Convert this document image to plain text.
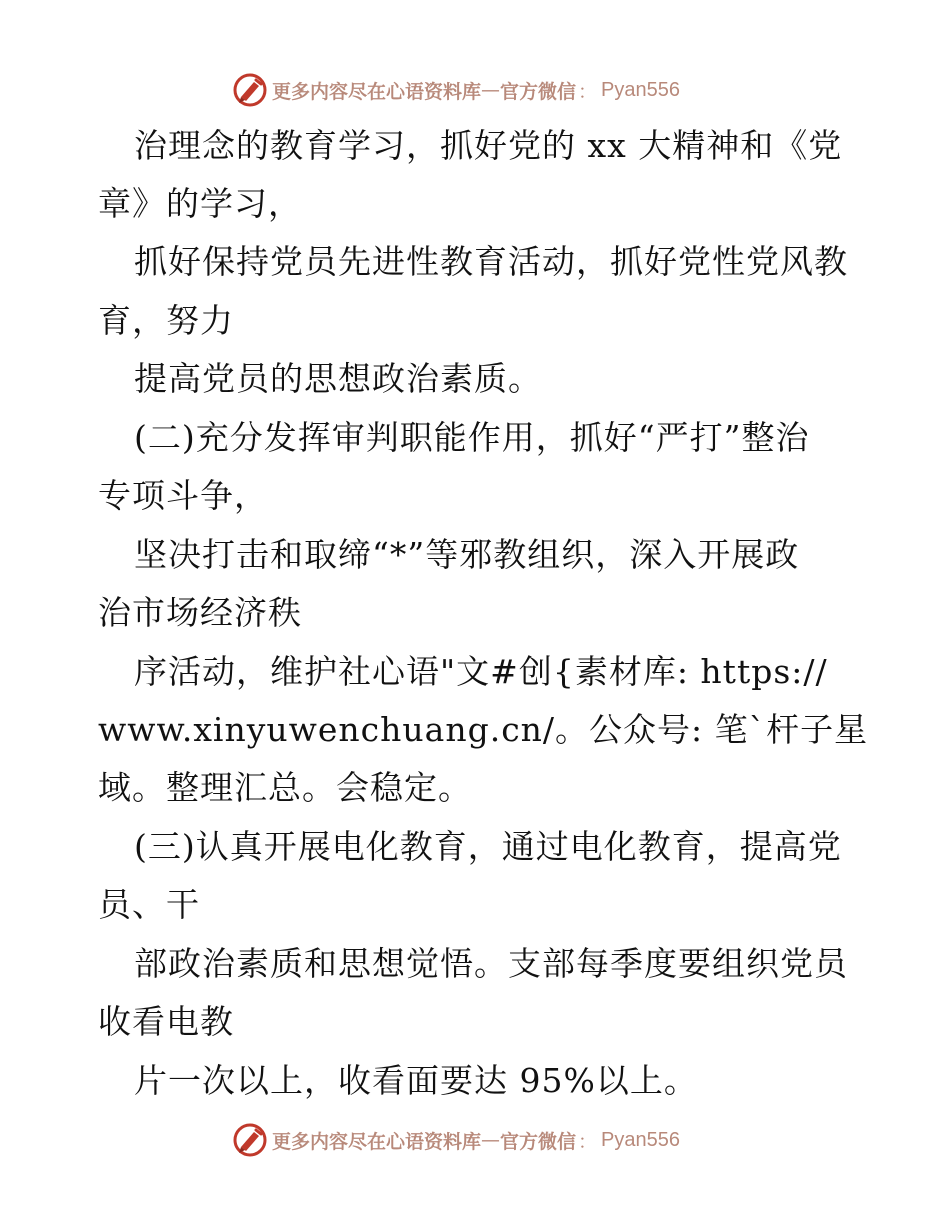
更多内容尽在心语资料库 — 官方微信 ： Pyan556
治理念的教育学习，抓好党的 xx 大精神和《党
章》的学习，
抓好保持党员先进性教育活动，抓好党性党风教
育，努力
提高党员的思想政治素质。
(二)充分发挥审判职能作用，抓好“严打”整治
专项斗争，
坚决打击和取缔“*”等邪教组织，深入开展政
治市场经济秩
序活动，维护社心语"文#创{素材库: https://
www.xinyuwenchuang.cn/。公众号: 笔`杆子星
域。整理汇总。会稳定。
(三)认真开展电化教育，通过电化教育，提高党
员、干
部政治素质和思想觉悟。支部每季度要组织党员
收看电教
片一次以上，收看面要达 95%以上。
更多内容尽在心语资料库 — 官方微信 ： Pyan556
